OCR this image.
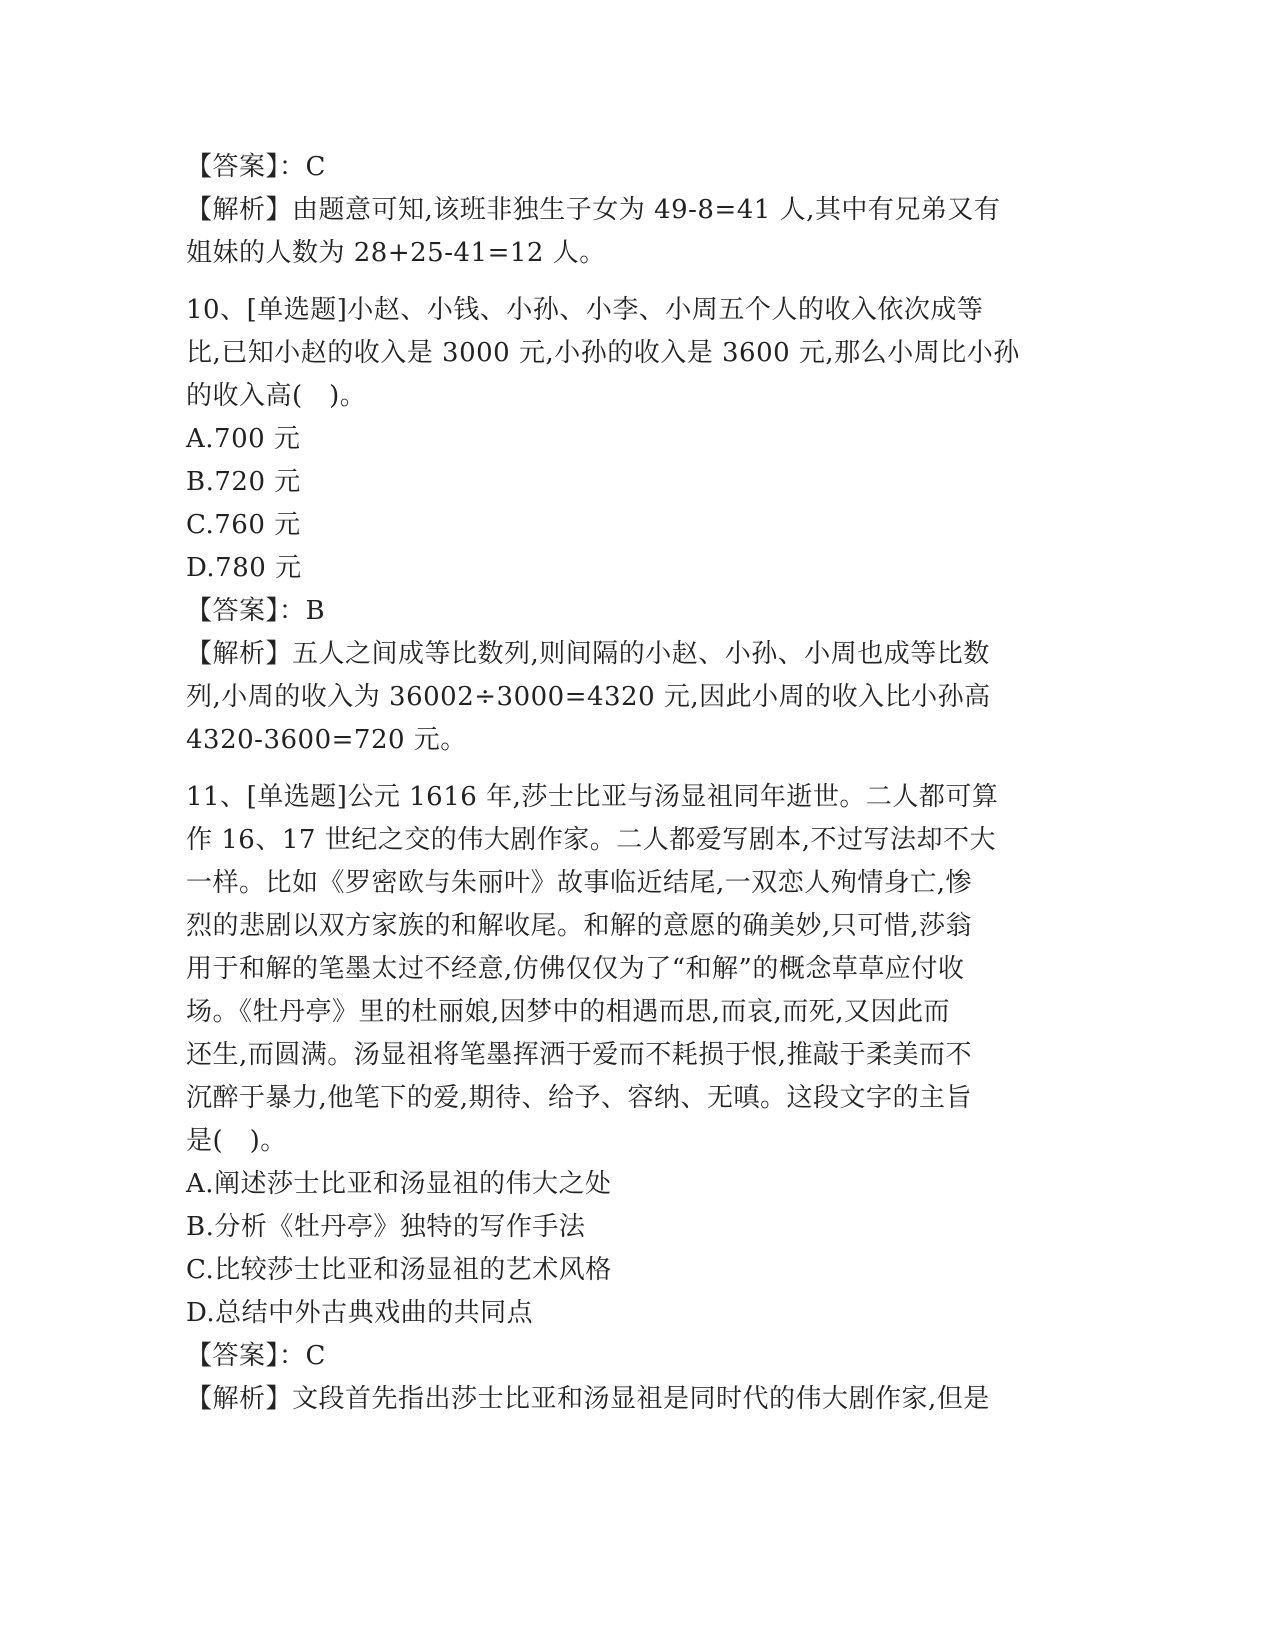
【答案】：C
【解析】由题意可知,该班非独生子女为 49-8=41 人,其中有兄弟又有
姐妹的人数为 28+25-41=12 人。
10、[单选题]小赵、小钱、小孙、小李、小周五个人的收入依次成等
比,已知小赵的收入是 3000 元,小孙的收入是 3600 元,那么小周比小孙
的收入高(　)。
A.700 元
B.720 元
C.760 元
D.780 元
【答案】：B
【解析】五人之间成等比数列,则间隔的小赵、小孙、小周也成等比数
列,小周的收入为 36002÷3000=4320 元,因此小周的收入比小孙高
4320-3600=720 元。
11、[单选题]公元 1616 年,莎士比亚与汤显祖同年逝世。二人都可算
作 16、17 世纪之交的伟大剧作家。二人都爱写剧本,不过写法却不大
一样。比如《罗密欧与朱丽叶》故事临近结尾,一双恋人殉情身亡,惨
烈的悲剧以双方家族的和解收尾。和解的意愿的确美妙,只可惜,莎翁
用于和解的笔墨太过不经意,仿佛仅仅为了“和解”的概念草草应付收
场。《牡丹亭》里的杜丽娘,因梦中的相遇而思,而哀,而死,又因此而
还生,而圆满。汤显祖将笔墨挥洒于爱而不耗损于恨,推敲于柔美而不
沉醉于暴力,他笔下的爱,期待、给予、容纳、无嗔。这段文字的主旨
是(　)。
A.阐述莎士比亚和汤显祖的伟大之处
B.分析《牡丹亭》独特的写作手法
C.比较莎士比亚和汤显祖的艺术风格
D.总结中外古典戏曲的共同点
【答案】：C
【解析】文段首先指出莎士比亚和汤显祖是同时代的伟大剧作家,但是
